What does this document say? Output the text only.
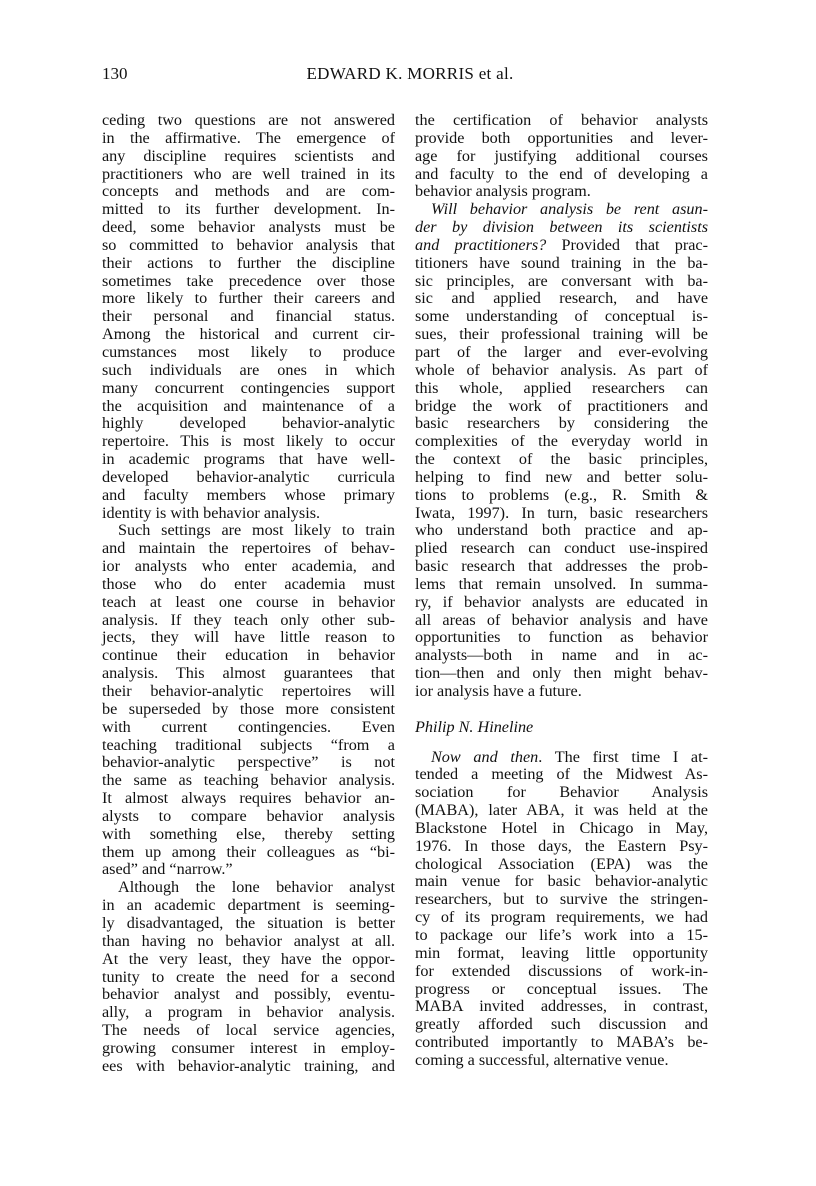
130	EDWARD K. MORRIS et al.
ceding two questions are not answered
in the affirmative. The emergence of
any discipline requires scientists and
practitioners who are well trained in its
concepts and methods and are com-
mitted to its further development. In-
deed, some behavior analysts must be
so committed to behavior analysis that
their actions to further the discipline
sometimes take precedence over those
more likely to further their careers and
their personal and financial status.
Among the historical and current cir-
cumstances most likely to produce
such individuals are ones in which
many concurrent contingencies support
the acquisition and maintenance of a
highly developed behavior-analytic
repertoire. This is most likely to occur
in academic programs that have well-
developed behavior-analytic curricula
and faculty members whose primary
identity is with behavior analysis.
Such settings are most likely to train
and maintain the repertoires of behav-
ior analysts who enter academia, and
those who do enter academia must
teach at least one course in behavior
analysis. If they teach only other sub-
jects, they will have little reason to
continue their education in behavior
analysis. This almost guarantees that
their behavior-analytic repertoires will
be superseded by those more consistent
with current contingencies. Even
teaching traditional subjects “from a
behavior-analytic perspective” is not
the same as teaching behavior analysis.
It almost always requires behavior an-
alysts to compare behavior analysis
with something else, thereby setting
them up among their colleagues as “bi-
ased” and “narrow.”
Although the lone behavior analyst
in an academic department is seeming-
ly disadvantaged, the situation is better
than having no behavior analyst at all.
At the very least, they have the oppor-
tunity to create the need for a second
behavior analyst and possibly, eventu-
ally, a program in behavior analysis.
The needs of local service agencies,
growing consumer interest in employ-
ees with behavior-analytic training, and
the certification of behavior analysts
provide both opportunities and lever-
age for justifying additional courses
and faculty to the end of developing a
behavior analysis program.
Will behavior analysis be rent asun-
der by division between its scientists
and practitioners? Provided that prac-
titioners have sound training in the ba-
sic principles, are conversant with ba-
sic and applied research, and have
some understanding of conceptual is-
sues, their professional training will be
part of the larger and ever-evolving
whole of behavior analysis. As part of
this whole, applied researchers can
bridge the work of practitioners and
basic researchers by considering the
complexities of the everyday world in
the context of the basic principles,
helping to find new and better solu-
tions to problems (e.g., R. Smith &
Iwata, 1997). In turn, basic researchers
who understand both practice and ap-
plied research can conduct use-inspired
basic research that addresses the prob-
lems that remain unsolved. In summa-
ry, if behavior analysts are educated in
all areas of behavior analysis and have
opportunities to function as behavior
analysts—both in name and in ac-
tion—then and only then might behav-
ior analysis have a future.
Philip N. Hineline
Now and then. The first time I at-
tended a meeting of the Midwest As-
sociation for Behavior Analysis
(MABA), later ABA, it was held at the
Blackstone Hotel in Chicago in May,
1976. In those days, the Eastern Psy-
chological Association (EPA) was the
main venue for basic behavior-analytic
researchers, but to survive the stringen-
cy of its program requirements, we had
to package our life’s work into a 15-
min format, leaving little opportunity
for extended discussions of work-in-
progress or conceptual issues. The
MABA invited addresses, in contrast,
greatly afforded such discussion and
contributed importantly to MABA’s be-
coming a successful, alternative venue.
